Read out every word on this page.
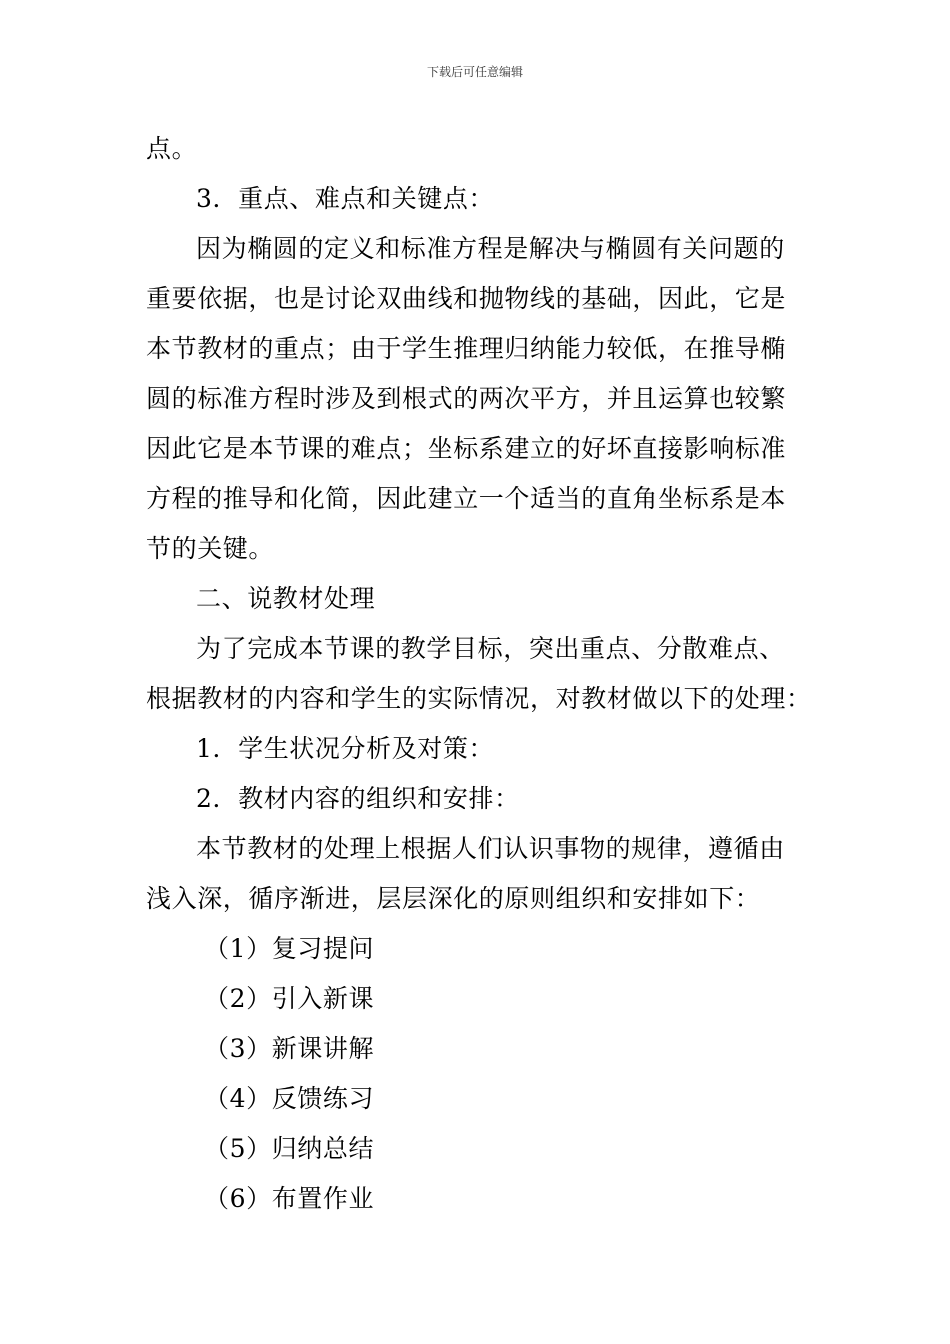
下载后可任意编辑
点。
3．重点、难点和关键点：
因为椭圆的定义和标准方程是解决与椭圆有关问题的
重要依据，也是讨论双曲线和抛物线的基础，因此，它是
本节教材的重点；由于学生推理归纳能力较低，在推导椭
圆的标准方程时涉及到根式的两次平方，并且运算也较繁
因此它是本节课的难点；坐标系建立的好坏直接影响标准
方程的推导和化简，因此建立一个适当的直角坐标系是本
节的关键。
二、说教材处理
为了完成本节课的教学目标，突出重点、分散难点、
根据教材的内容和学生的实际情况，对教材做以下的处理：
1．学生状况分析及对策：
2．教材内容的组织和安排：
本节教材的处理上根据人们认识事物的规律，遵循由
浅入深，循序渐进，层层深化的原则组织和安排如下：
（1）复习提问
（2）引入新课
（3）新课讲解
（4）反馈练习
（5）归纳总结
（6）布置作业
